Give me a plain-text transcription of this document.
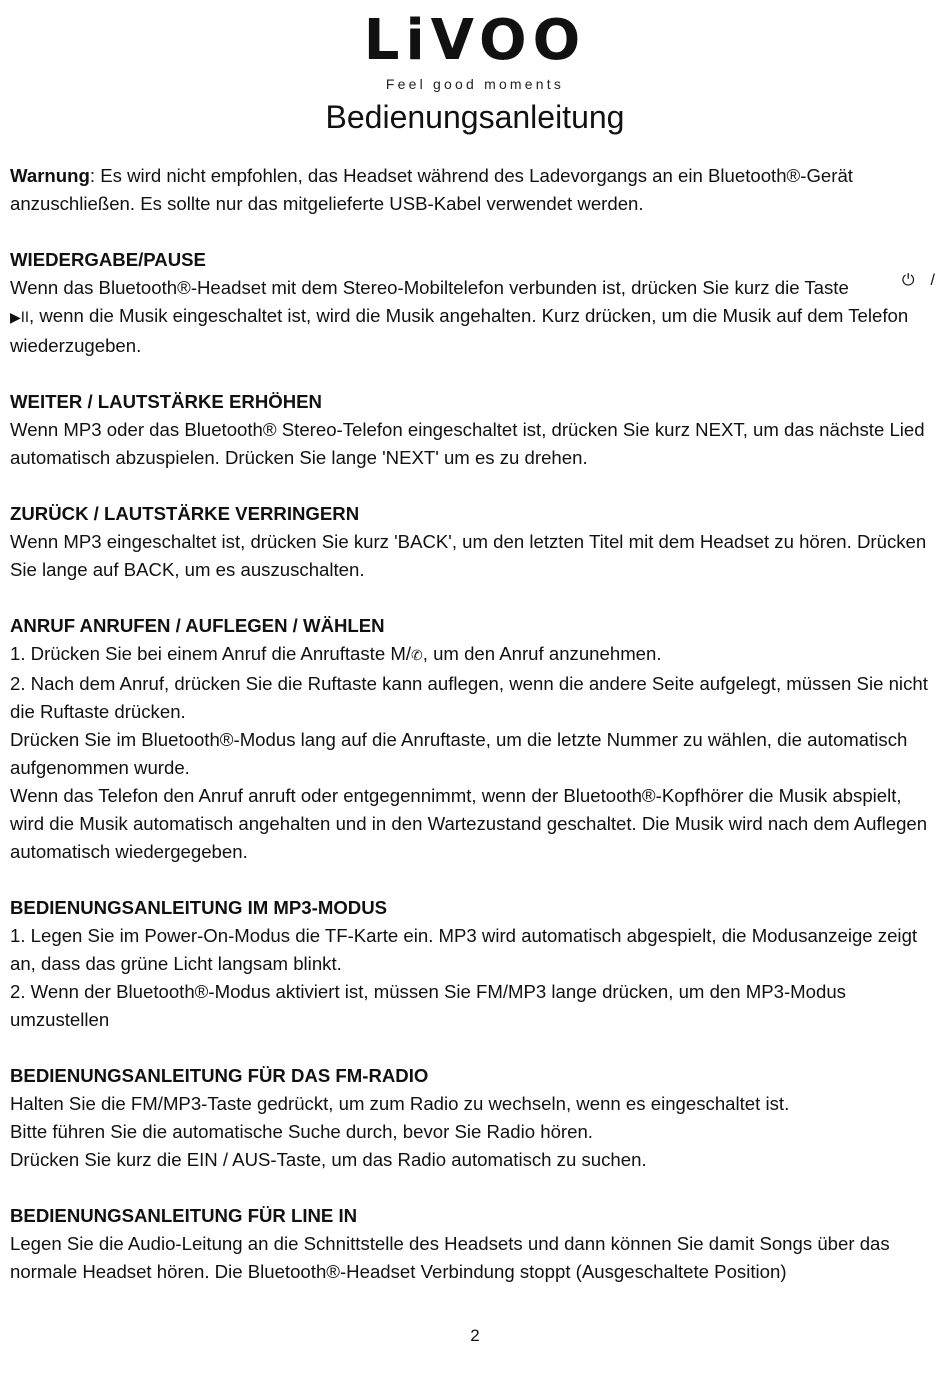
LiVOO
Feel good moments
Bedienungsanleitung

Warnung: Es wird nicht empfohlen, das Headset während des Ladevorgangs an ein Bluetooth®-Gerät anzuschließen. Es sollte nur das mitgelieferte USB-Kabel verwendet werden.

WIEDERGABE/PAUSE

Wenn das Bluetooth®-Headset mit dem Stereo-Mobiltelefon verbunden ist, drücken Sie kurz die Taste	⏻ /

▶II, wenn die Musik eingeschaltet ist, wird die Musik angehalten. Kurz drücken, um die Musik auf dem Telefon wiederzugeben.

WEITER / LAUTSTÄRKE ERHÖHEN

Wenn MP3 oder das Bluetooth® Stereo-Telefon eingeschaltet ist, drücken Sie kurz NEXT, um das nächste Lied automatisch abzuspielen. Drücken Sie lange 'NEXT' um es zu drehen.

ZURÜCK / LAUTSTÄRKE VERRINGERN

Wenn MP3 eingeschaltet ist, drücken Sie kurz 'BACK', um den letzten Titel mit dem Headset zu hören. Drücken Sie lange auf BACK, um es auszuschalten.

ANRUF ANRUFEN / AUFLEGEN / WÄHLEN

1. Drücken Sie bei einem Anruf die Anruftaste M/✆, um den Anruf anzunehmen.

2. Nach dem Anruf, drücken Sie die Ruftaste kann auflegen, wenn die andere Seite aufgelegt, müssen Sie nicht die Ruftaste drücken.

Drücken Sie im Bluetooth®-Modus lang auf die Anruftaste, um die letzte Nummer zu wählen, die automatisch aufgenommen wurde.

Wenn das Telefon den Anruf anruft oder entgegennimmt, wenn der Bluetooth®-Kopfhörer die Musik abspielt, wird die Musik automatisch angehalten und in den Wartezustand geschaltet. Die Musik wird nach dem Auflegen automatisch wiedergegeben.

BEDIENUNGSANLEITUNG IM MP3-MODUS

1. Legen Sie im Power-On-Modus die TF-Karte ein. MP3 wird automatisch abgespielt, die Modusanzeige zeigt an, dass das grüne Licht langsam blinkt.

2. Wenn der Bluetooth®-Modus aktiviert ist, müssen Sie FM/MP3 lange drücken, um den MP3-Modus umzustellen

BEDIENUNGSANLEITUNG FÜR DAS FM-RADIO

Halten Sie die FM/MP3-Taste gedrückt, um zum Radio zu wechseln, wenn es eingeschaltet ist.

Bitte führen Sie die automatische Suche durch, bevor Sie Radio hören.

Drücken Sie kurz die EIN / AUS-Taste, um das Radio automatisch zu suchen.

BEDIENUNGSANLEITUNG FÜR LINE IN

Legen Sie die Audio-Leitung an die Schnittstelle des Headsets und dann können Sie damit Songs über das normale Headset hören. Die Bluetooth®-Headset Verbindung stoppt (Ausgeschaltete Position)

2
